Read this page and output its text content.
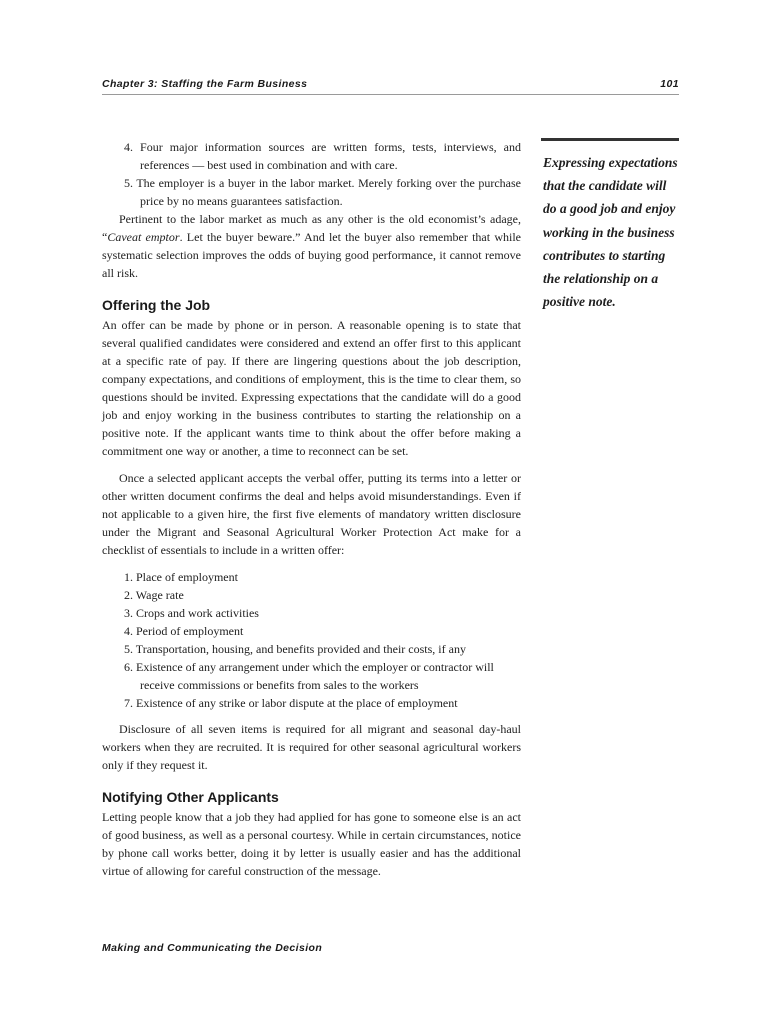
Chapter 3: Staffing the Farm Business	101

4. Four major information sources are written forms, tests, interviews, and references — best used in combination and with care.

5. The employer is a buyer in the labor market. Merely forking over the purchase price by no means guarantees satisfaction.

Pertinent to the labor market as much as any other is the old economist’s adage, “Caveat emptor. Let the buyer beware.” And let the buyer also remember that while systematic selection improves the odds of buying good performance, it cannot remove all risk.

Offering the Job

An offer can be made by phone or in person. A reasonable opening is to state that several qualified candidates were considered and extend an offer first to this applicant at a specific rate of pay. If there are lingering questions about the job description, company expectations, and conditions of employment, this is the time to clear them, so questions should be invited. Expressing expectations that the candidate will do a good job and enjoy working in the business contributes to starting the relationship on a positive note. If the applicant wants time to think about the offer before making a commitment one way or another, a time to reconnect can be set.

Once a selected applicant accepts the verbal offer, putting its terms into a letter or other written document confirms the deal and helps avoid misunderstandings. Even if not applicable to a given hire, the first five elements of mandatory written disclosure under the Migrant and Seasonal Agricultural Worker Protection Act make for a checklist of essentials to include in a written offer:

1. Place of employment
2. Wage rate
3. Crops and work activities
4. Period of employment
5. Transportation, housing, and benefits provided and their costs, if any
6. Existence of any arrangement under which the employer or contractor will receive commissions or benefits from sales to the workers
7. Existence of any strike or labor dispute at the place of employment

Disclosure of all seven items is required for all migrant and seasonal day-haul workers when they are recruited. It is required for other seasonal agricultural workers only if they request it.

Notifying Other Applicants

Letting people know that a job they had applied for has gone to someone else is an act of good business, as well as a personal courtesy. While in certain circumstances, notice by phone call works better, doing it by letter is usually easier and has the additional virtue of allowing for careful construction of the message.

Expressing expectations that the candidate will do a good job and enjoy working in the business contributes to starting the relationship on a positive note.
Making and Communicating the Decision
